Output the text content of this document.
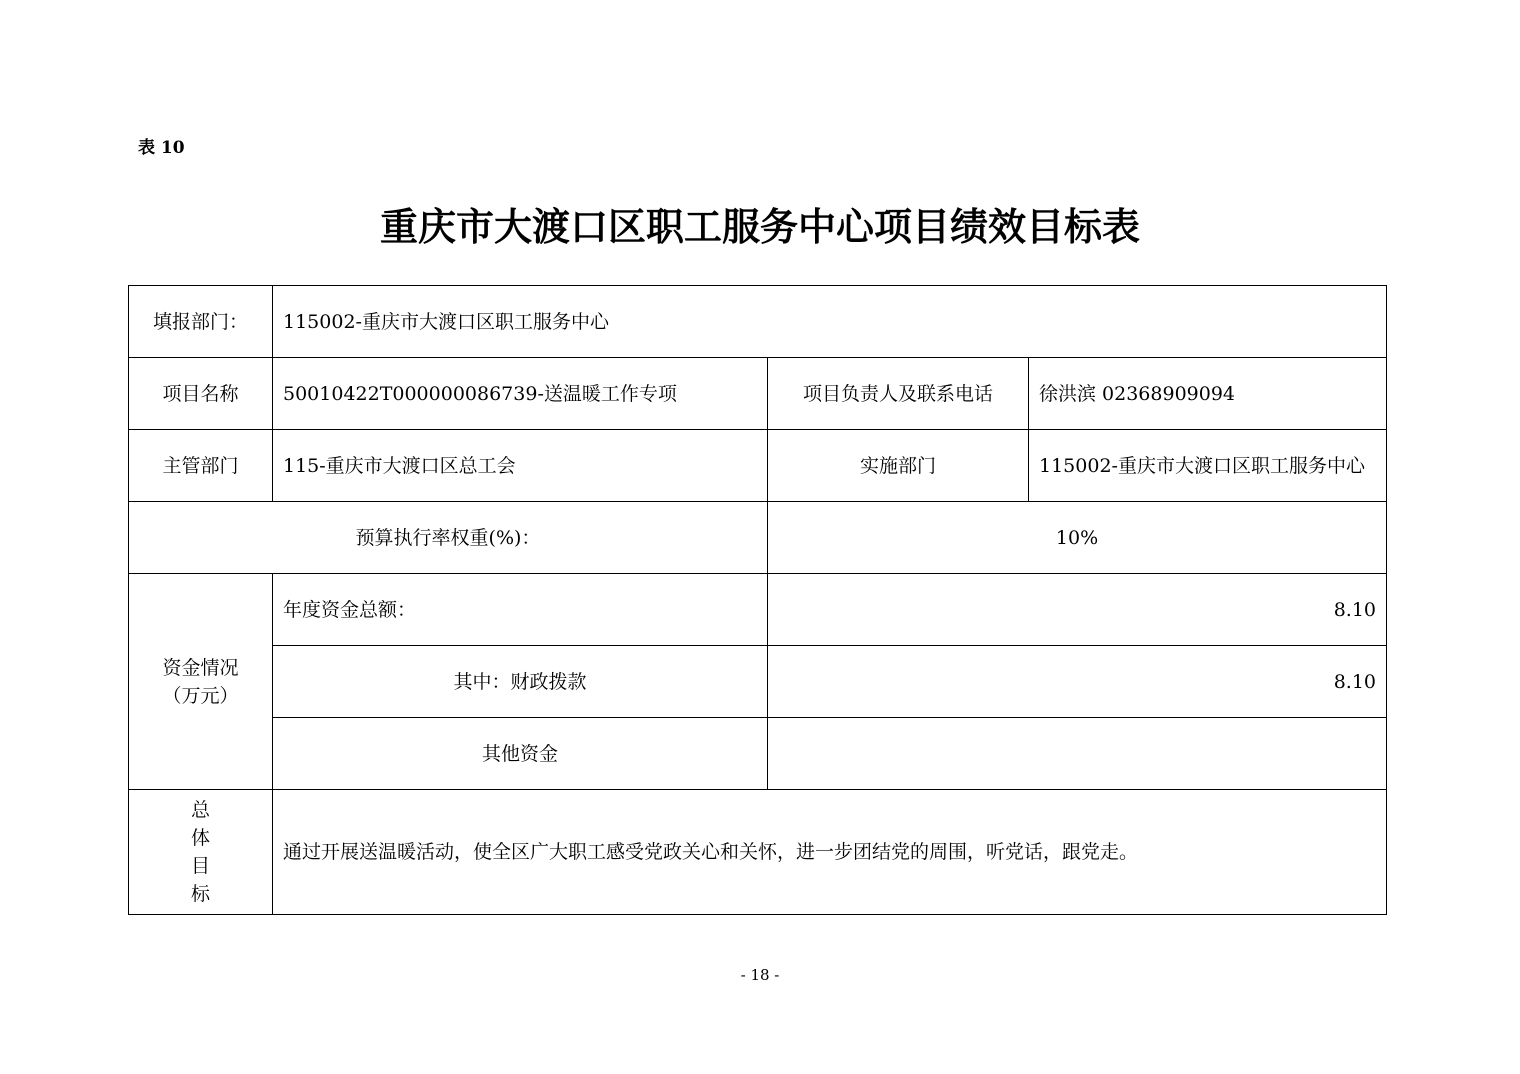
表 10
重庆市大渡口区职工服务中心项目绩效目标表
填报部门：	115002-重庆市大渡口区职工服务中心		
项目名称	50010422T000000086739-送温暖工作专项	项目负责人及联系电话	徐洪滨 02368909094
主管部门	115-重庆市大渡口区总工会	实施部门	115002-重庆市大渡口区职工服务中心
预算执行率权重(%)：		10%	

资金情况
（万元）	年度资金总额：	8.10	
	其中：财政拨款	8.10	
	其他资金		

总
体
目
标	通过开展送温暖活动，使全区广大职工感受党政关心和关怀，进一步团结党的周围，听党话，跟党走。		
- 18 -
